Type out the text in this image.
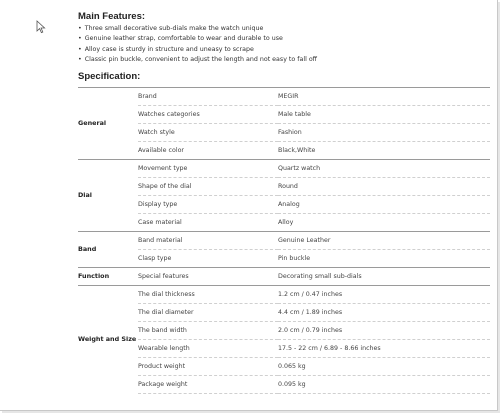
Main Features:
• Three small decorative sub-dials make the watch unique
• Genuine leather strap, comfortable to wear and durable to use
• Alloy case is sturdy in structure and uneasy to scrape
• Classic pin buckle, convenient to adjust the length and not easy to fall off
Specification:
General	Brand	MEGIR
	Watches categories	Male table
	Watch style	Fashion
	Available color	Black,White
Dial	Movement type	Quartz watch
	Shape of the dial	Round
	Display type	Analog
	Case material	Alloy
Band	Band material	Genuine Leather
	Clasp type	Pin buckle
Function	Special features	Decorating small sub-dials
Weight and Size	The dial thickness	1.2 cm / 0.47 inches
	The dial diameter	4.4 cm / 1.89 inches
	The band width	2.0 cm / 0.79 inches
	Wearable length	17.5 - 22 cm / 6.89 - 8.66 inches
	Product weight	0.065 kg
	Package weight	0.095 kg
